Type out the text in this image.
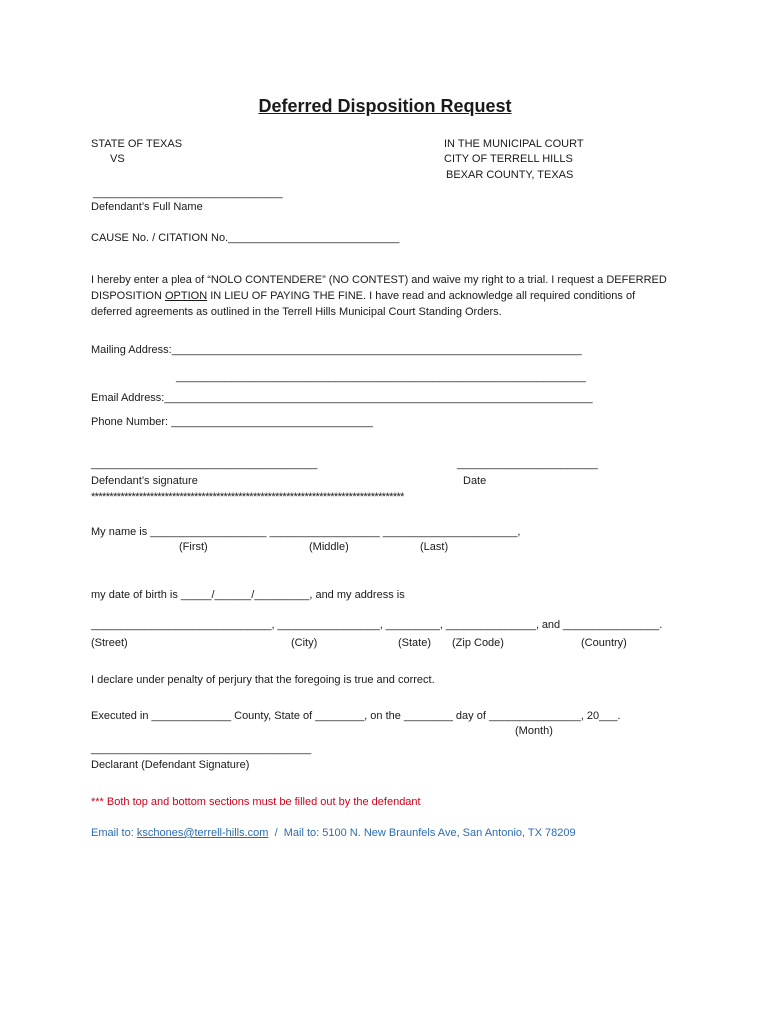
Deferred Disposition Request
STATE OF TEXAS
VS
IN THE MUNICIPAL COURT
CITY OF TERRELL HILLS
BEXAR COUNTY, TEXAS
_______________________________
Defendant’s Full Name
CAUSE No. / CITATION No.____________________________
I hereby enter a plea of “NOLO CONTENDERE” (NO CONTEST) and waive my right to a trial. I request a DEFERRED
DISPOSITION OPTION IN LIEU OF PAYING THE FINE. I have read and acknowledge all required conditions of
deferred agreements as outlined in the Terrell Hills Municipal Court Standing Orders.
Mailing Address:___________________________________________________________________
___________________________________________________________________
Email Address:______________________________________________________________________
Phone Number: _________________________________
_____________________________________	_______________________
Defendant’s signature	Date
*************************************************************************************
My name is ___________________ __________________ ______________________,
(First)	(Middle)	(Last)
my date of birth is _____/______/_________, and my address is
______________________________, _________________, _________, _______________, and ________________.
(Street)	(City)	(State) (Zip Code)	(Country)
I declare under penalty of perjury that the foregoing is true and correct.
Executed in _____________ County, State of ________, on the ________ day of _______________, 20___.
(Month)
____________________________________
Declarant (Defendant Signature)
*** Both top and bottom sections must be filled out by the defendant
Email to: kschones@terrell-hills.com  /  Mail to: 5100 N. New Braunfels Ave, San Antonio, TX 78209
